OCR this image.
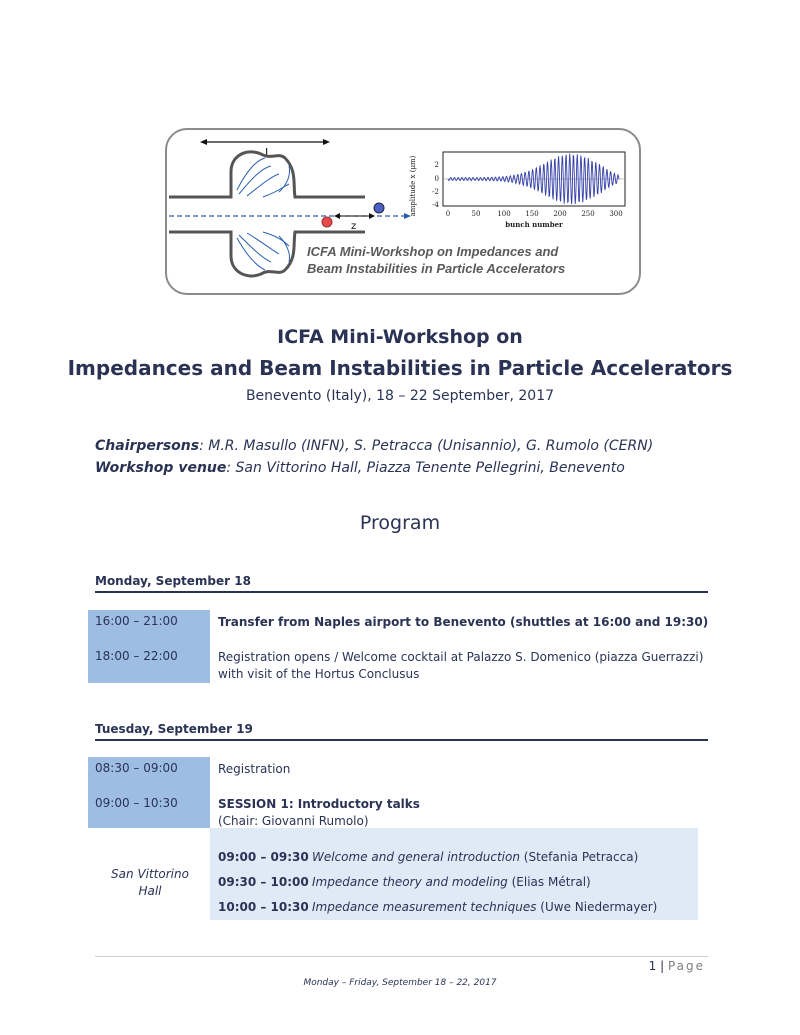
L
z
amplitude x (μm)	2
0
-2
-4
0	50 100 150 200 250 300
bunch number
ICFA Mini-Workshop on Impedances and
Beam Instabilities in Particle Accelerators
ICFA Mini-Workshop on
Impedances and Beam Instabilities in Particle Accelerators
Benevento (Italy), 18 – 22 September, 2017
Chairpersons: M.R. Masullo (INFN), S. Petracca (Unisannio), G. Rumolo (CERN)
Workshop venue: San Vittorino Hall, Piazza Tenente Pellegrini, Benevento
Program
Monday, September 18
16:00 – 21:00	Transfer from Naples airport to Benevento (shuttles at 16:00 and 19:30)
18:00 – 22:00	Registration opens / Welcome cocktail at Palazzo S. Domenico (piazza Guerrazzi)
with visit of the Hortus Conclusus
Tuesday, September 19
08:30 – 09:00	Registration
09:00 – 10:30	SESSION 1: Introductory talks
(Chair: Giovanni Rumolo)
San Vittorino
Hall
09:00 – 09:30 Welcome and general introduction (Stefania Petracca)
09:30 – 10:00 Impedance theory and modeling (Elias Métral)
10:00 – 10:30 Impedance measurement techniques (Uwe Niedermayer)
1 | Page
Monday – Friday, September 18 – 22, 2017
